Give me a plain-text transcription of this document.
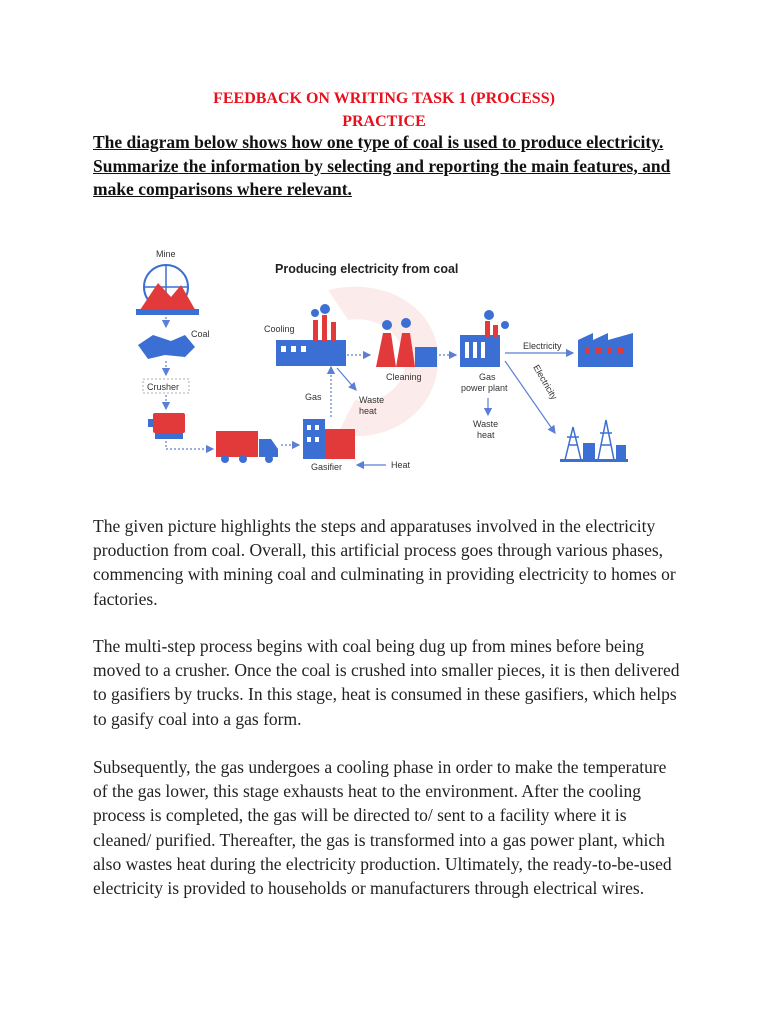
FEEDBACK ON WRITING TASK 1 (PROCESS)
PRACTICE
The diagram below shows how one type of coal is used to produce electricity. Summarize the information by selecting and reporting the main features, and make comparisons where relevant.
Producing electricity from coal
Mine
Coal
Crusher
Gasifier	Heat
Gas
Cooling
Waste
heat
Cleaning	Gas
power plant
Waste
heat
Electricity
Electricity

The given picture highlights the steps and apparatuses involved in the electricity production from coal. Overall, this artificial process goes through various phases, commencing with mining coal and culminating in providing electricity to homes or factories.

The multi-step process begins with coal being dug up from mines before being moved to a crusher. Once the coal is crushed into smaller pieces, it is then delivered to gasifiers by trucks. In this stage, heat is consumed in these gasifiers, which helps to gasify coal into a gas form.

Subsequently, the gas undergoes a cooling phase in order to make the temperature of the gas lower, this stage exhausts heat to the environment. After the cooling process is completed, the gas will be directed to/ sent to a facility where it is cleaned/ purified. Thereafter, the gas is transformed into a gas power plant, which also wastes heat during the electricity production. Ultimately, the ready-to-be-used electricity is provided to households or manufacturers through electrical wires.
